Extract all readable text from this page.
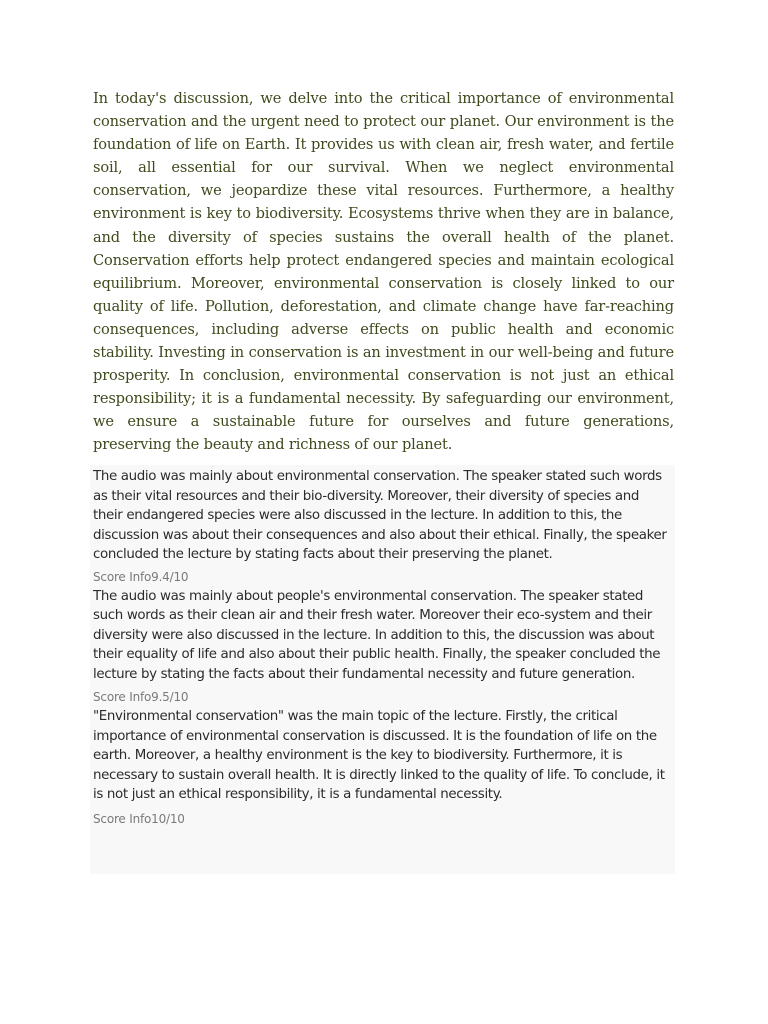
In today's discussion, we delve into the critical importance of environmental conservation and the urgent need to protect our planet. Our environment is the foundation of life on Earth. It provides us with clean air, fresh water, and fertile soil, all essential for our survival. When we neglect environmental conservation, we jeopardize these vital resources. Furthermore, a healthy environment is key to biodiversity. Ecosystems thrive when they are in balance, and the diversity of species sustains the overall health of the planet. Conservation efforts help protect endangered species and maintain ecological equilibrium. Moreover, environmental conservation is closely linked to our quality of life. Pollution, deforestation, and climate change have far-reaching consequences, including adverse effects on public health and economic stability. Investing in conservation is an investment in our well-being and future prosperity. In conclusion, environmental conservation is not just an ethical responsibility; it is a fundamental necessity. By safeguarding our environment, we ensure a sustainable future for ourselves and future generations, preserving the beauty and richness of our planet.

The audio was mainly about environmental conservation. The speaker stated such words as their vital resources and their bio-diversity. Moreover, their diversity of species and their endangered species were also discussed in the lecture. In addition to this, the discussion was about their consequences and also about their ethical. Finally, the speaker concluded the lecture by stating facts about their preserving the planet.

Score Info9.4/10

The audio was mainly about people's environmental conservation. The speaker stated such words as their clean air and their fresh water. Moreover their eco-system and their diversity were also discussed in the lecture. In addition to this, the discussion was about their equality of life and also about their public health. Finally, the speaker concluded the lecture by stating the facts about their fundamental necessity and future generation.

Score Info9.5/10

"Environmental conservation" was the main topic of the lecture. Firstly, the critical importance of environmental conservation is discussed. It is the foundation of life on the earth. Moreover, a healthy environment is the key to biodiversity. Furthermore, it is necessary to sustain overall health. It is directly linked to the quality of life. To conclude, it is not just an ethical responsibility, it is a fundamental necessity.

Score Info10/10
